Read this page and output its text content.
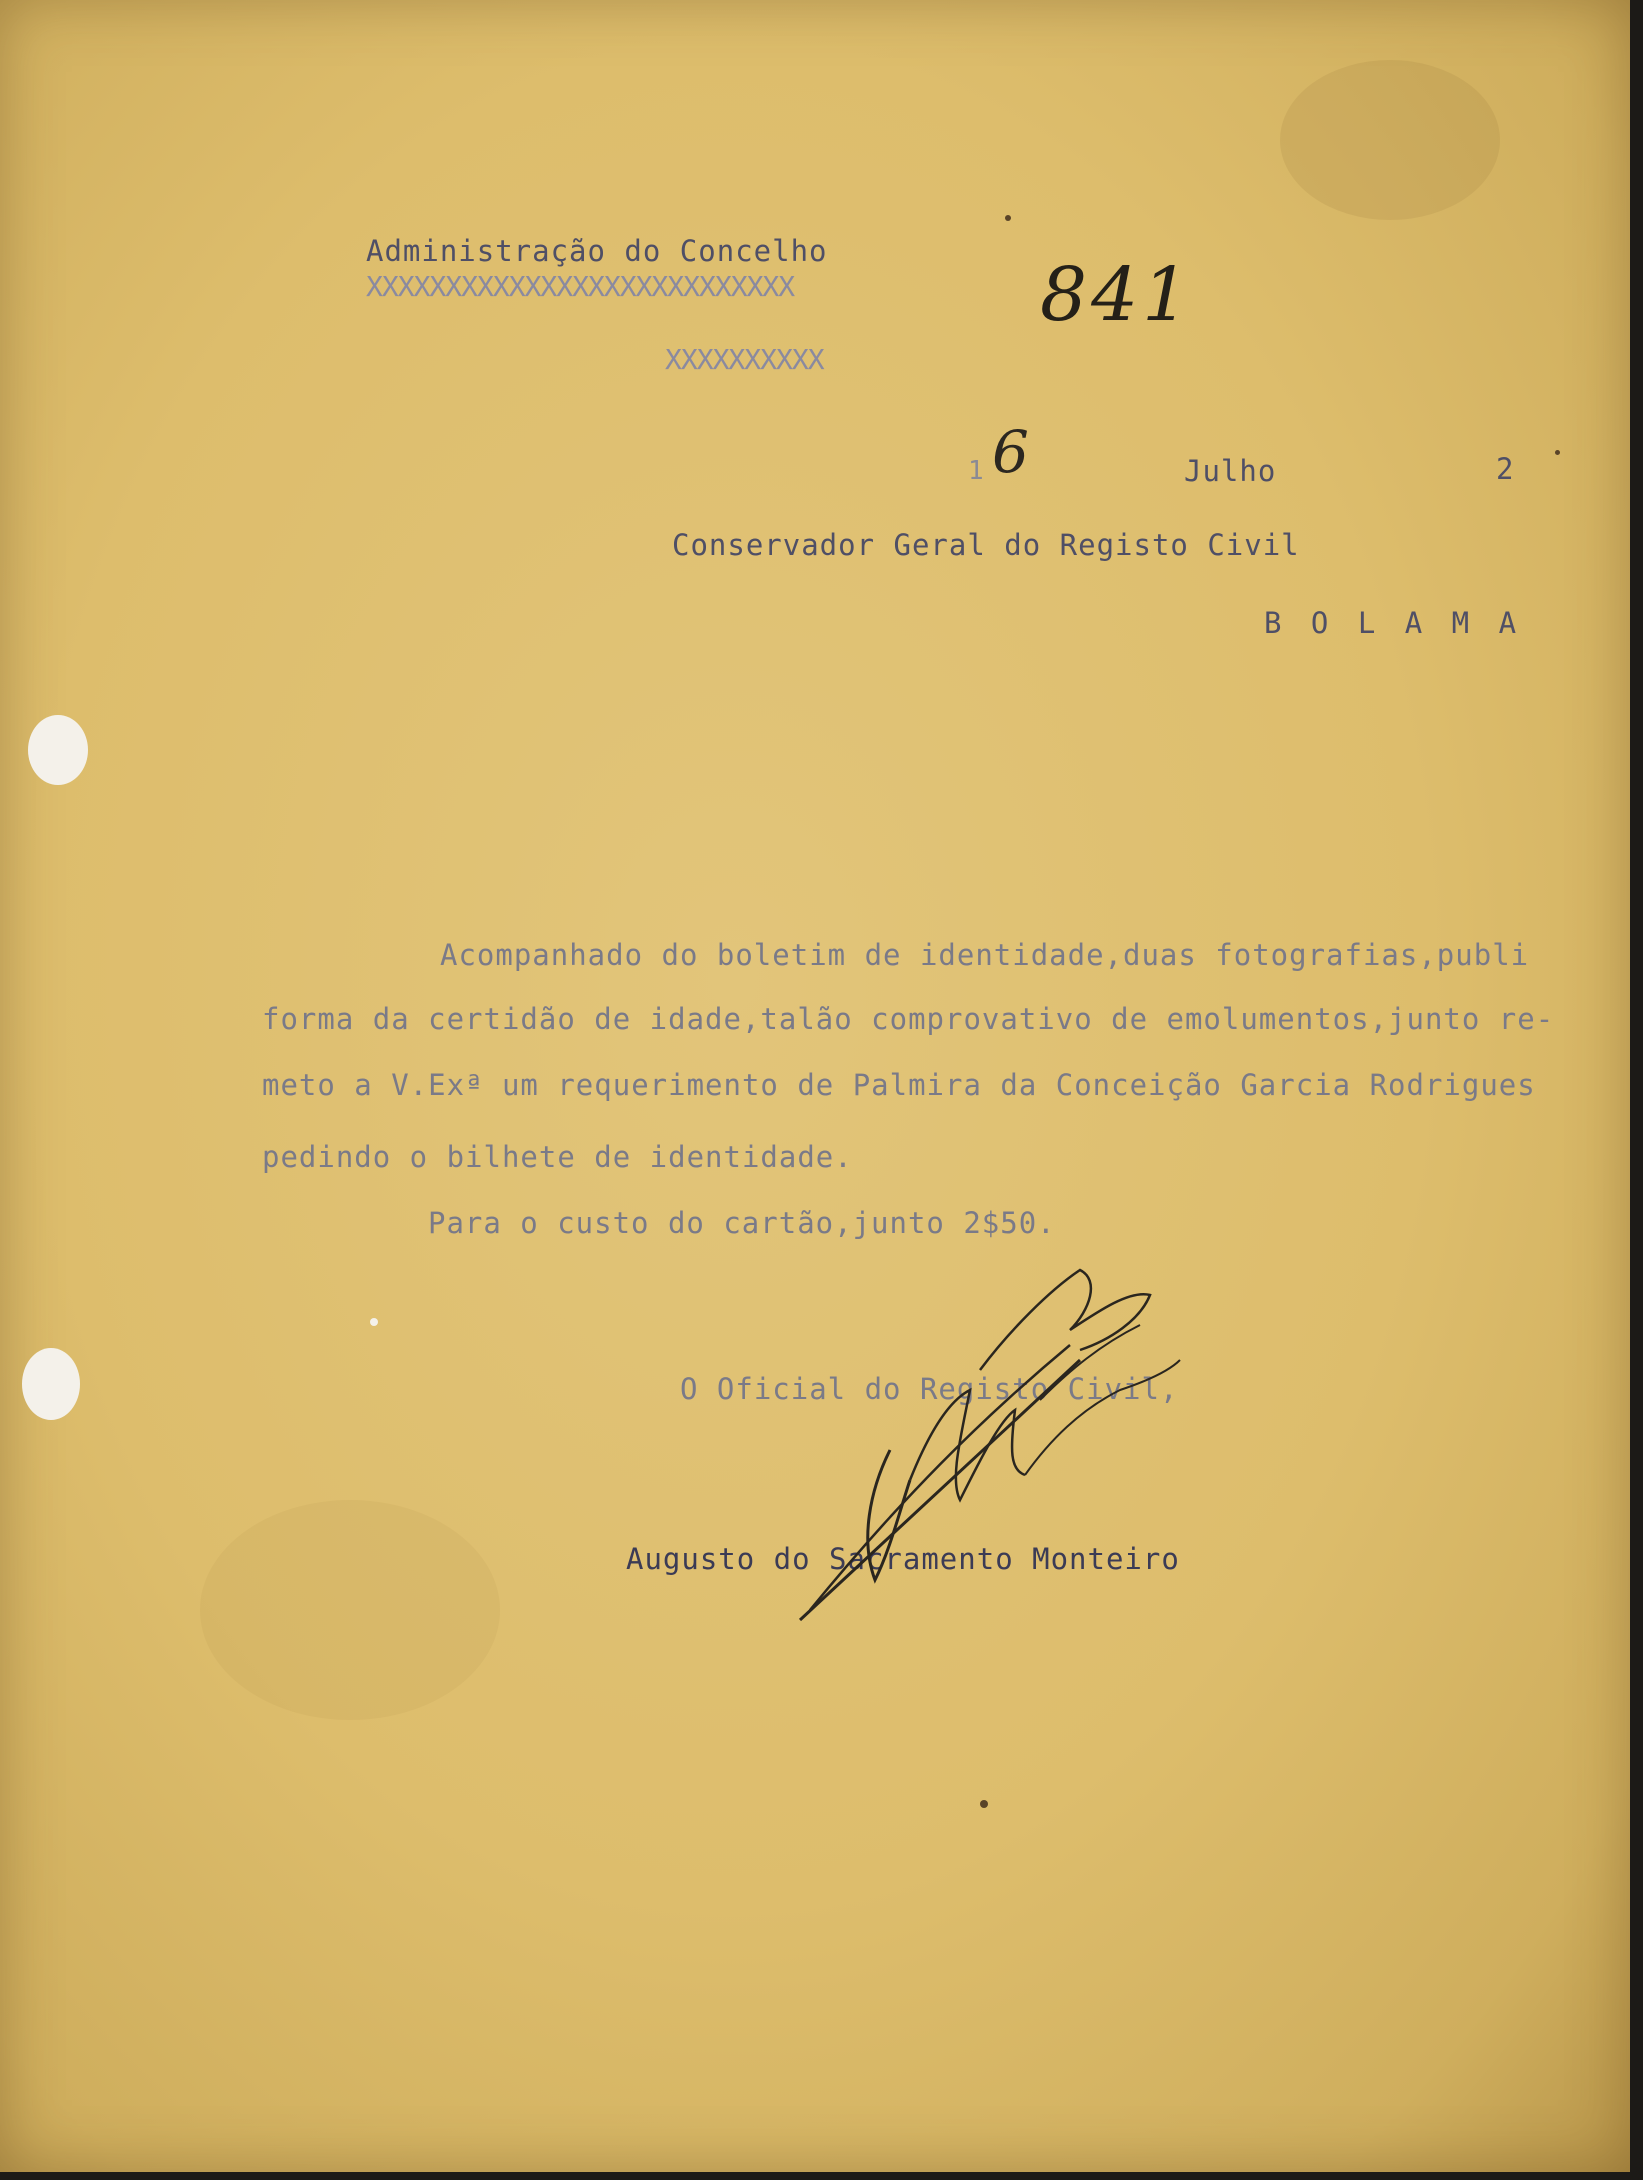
Administração do Concelho

XXXXXXXXXXXXXXXXXXXXXXXXXXX

XXXXXXXXXX

841
1 6	Julho	2

Conservador Geral do Registo Civil

B O L A M A

Acompanhado do boletim de identidade,duas fotografias,publi

forma da certidão de idade,talão comprovativo de emolumentos,junto re-

meto a V.Exª um requerimento de Palmira da Conceição Garcia Rodrigues

pedindo o bilhete de identidade.

Para o custo do cartão,junto 2$50.

O Oficial do Registo Civil,

Augusto do Sacramento Monteiro
